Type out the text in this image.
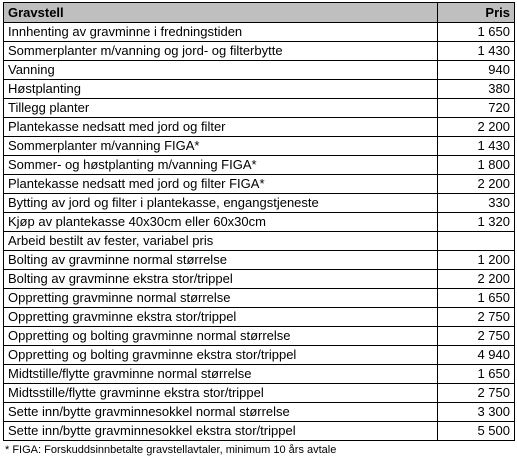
Gravstell	Pris
Innhenting av gravminne i fredningstiden	1 650
Sommerplanter m/vanning og jord- og filterbytte	1 430
Vanning	940
Høstplanting	380
Tillegg planter	720
Plantekasse nedsatt med jord og filter	2 200
Sommerplanter m/vanning FIGA*	1 430
Sommer- og høstplanting m/vanning FIGA*	1 800
Plantekasse nedsatt med jord og filter FIGA*	2 200
Bytting av jord og filter i plantekasse, engangstjeneste	330
Kjøp av plantekasse 40x30cm eller 60x30cm	1 320
Arbeid bestilt av fester, variabel pris	
Bolting av gravminne normal størrelse	1 200
Bolting av gravminne ekstra stor/trippel	2 200
Oppretting gravminne normal størrelse	1 650
Oppretting gravminne ekstra stor/trippel	2 750
Oppretting og bolting gravminne normal størrelse	2 750
Oppretting og bolting gravminne ekstra stor/trippel	4 940
Midtstille/flytte gravminne normal størrelse	1 650
Midtsstille/flytte gravminne ekstra stor/trippel	2 750
Sette inn/bytte gravminnesokkel normal størrelse	3 300
Sette inn/bytte gravminnesokkel ekstra stor/trippel	5 500
* FIGA: Forskuddsinnbetalte gravstellavtaler, minimum 10 års avtale
